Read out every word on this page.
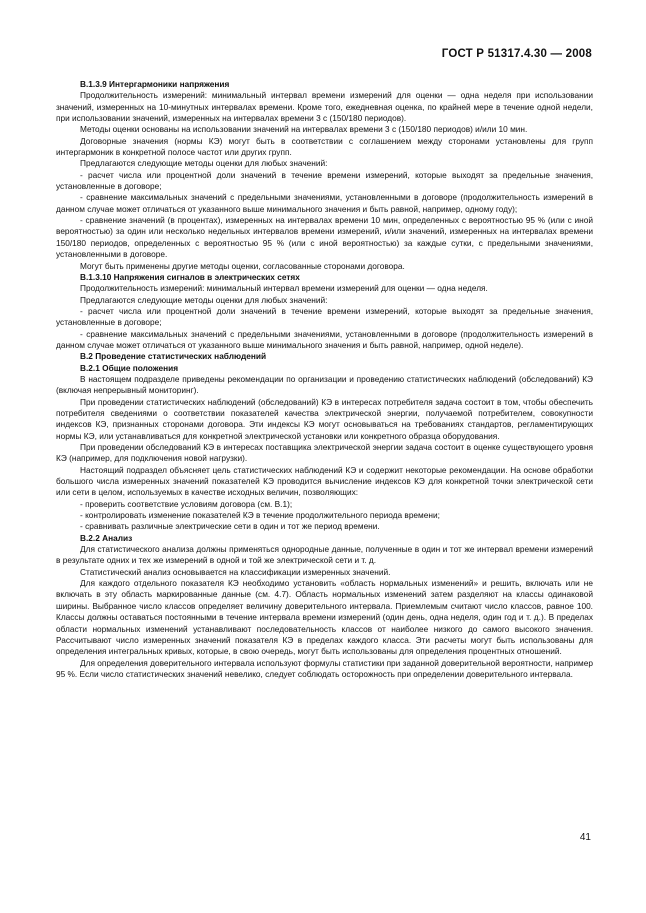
ГОСТ Р 51317.4.30 — 2008

В.1.3.9 Интергармоники напряжения

Продолжительность измерений: минимальный интервал времени измерений для оценки — одна неделя при использовании значений, измеренных на 10-минутных интервалах времени. Кроме того, ежедневная оценка, по крайней мере в течение одной недели, при использовании значений, измеренных на интервалах времени 3 с (150/180 периодов).

Методы оценки основаны на использовании значений на интервалах времени 3 с (150/180 периодов) и/или 10 мин.

Договорные значения (нормы КЭ) могут быть в соответствии с соглашением между сторонами установлены для групп интергармоник в конкретной полосе частот или других групп.

Предлагаются следующие методы оценки для любых значений:

- расчет числа или процентной доли значений в течение времени измерений, которые выходят за предельные значения, установленные в договоре;

- сравнение максимальных значений с предельными значениями, установленными в договоре (продолжительность измерений в данном случае может отличаться от указанного выше минимального значения и быть равной, например, одному году);

- сравнение значений (в процентах), измеренных на интервалах времени 10 мин, определенных с вероятностью 95 % (или с иной вероятностью) за один или несколько недельных интервалов времени измерений, и/или значений, измеренных на интервалах времени 150/180 периодов, определенных с вероятностью 95 % (или с иной вероятностью) за каждые сутки, с предельными значениями, установленными в договоре.

Могут быть применены другие методы оценки, согласованные сторонами договора.

В.1.3.10 Напряжения сигналов в электрических сетях

Продолжительность измерений: минимальный интервал времени измерений для оценки — одна неделя.

Предлагаются следующие методы оценки для любых значений:

- расчет числа или процентной доли значений в течение времени измерений, которые выходят за предельные значения, установленные в договоре;

- сравнение максимальных значений с предельными значениями, установленными в договоре (продолжительность измерений в данном случае может отличаться от указанного выше минимального значения и быть равной, например, одной неделе).

В.2 Проведение статистических наблюдений

В.2.1 Общие положения

В настоящем подразделе приведены рекомендации по организации и проведению статистических наблюдений (обследований) КЭ (включая непрерывный мониторинг).

При проведении статистических наблюдений (обследований) КЭ в интересах потребителя задача состоит в том, чтобы обеспечить потребителя сведениями о соответствии показателей качества электрической энергии, получаемой потребителем, совокупности индексов КЭ, признанных сторонами договора. Эти индексы КЭ могут основываться на требованиях стандартов, регламентирующих нормы КЭ, или устанавливаться для конкретной электрической установки или конкретного образца оборудования.

При проведении обследований КЭ в интересах поставщика электрической энергии задача состоит в оценке существующего уровня КЭ (например, для подключения новой нагрузки).

Настоящий подраздел объясняет цель статистических наблюдений КЭ и содержит некоторые рекомендации. На основе обработки большого числа измеренных значений показателей КЭ проводится вычисление индексов КЭ для конкретной точки электрической сети или сети в целом, используемых в качестве исходных величин, позволяющих:

- проверить соответствие условиям договора (см. В.1);

- контролировать изменение показателей КЭ в течение продолжительного периода времени;

- сравнивать различные электрические сети в один и тот же период времени.

В.2.2 Анализ

Для статистического анализа должны применяться однородные данные, полученные в один и тот же интервал времени измерений в результате одних и тех же измерений в одной и той же электрической сети и т. д.

Статистический анализ основывается на классификации измеренных значений.

Для каждого отдельного показателя КЭ необходимо установить «область нормальных изменений» и решить, включать или не включать в эту область маркированные данные (см. 4.7). Область нормальных изменений затем разделяют на классы одинаковой ширины. Выбранное число классов определяет величину доверительного интервала. Приемлемым считают число классов, равное 100. Классы должны оставаться постоянными в течение интервала времени измерений (один день, одна неделя, один год и т. д.). В пределах области нормальных изменений устанавливают последовательность классов от наиболее низкого до самого высокого значения. Рассчитывают число измеренных значений показателя КЭ в пределах каждого класса. Эти расчеты могут быть использованы для определения интегральных кривых, которые, в свою очередь, могут быть использованы для определения процентных отношений.

Для определения доверительного интервала используют формулы статистики при заданной доверительной вероятности, например 95 %. Если число статистических значений невелико, следует соблюдать осторожность при определении доверительного интервала.

41
